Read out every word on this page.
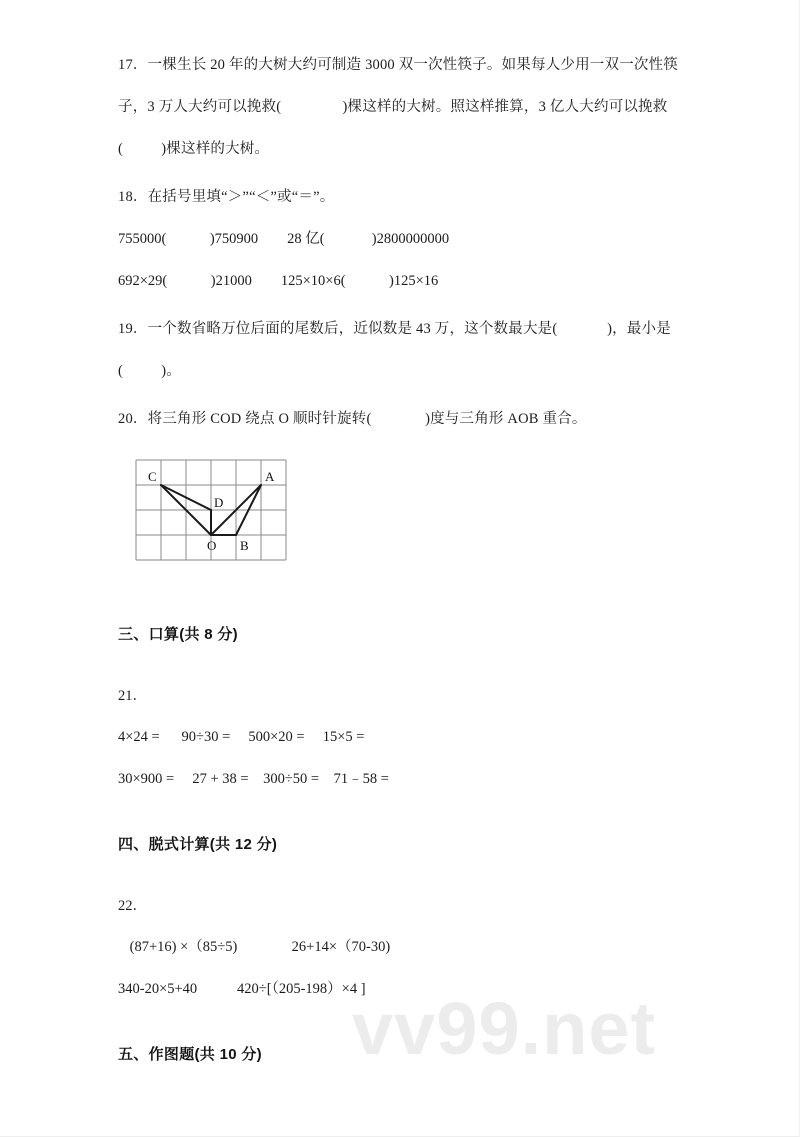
vv99.net
17．一棵生长 20 年的大树大约可制造 3000 双一次性筷子。如果每人少用一双一次性筷
子，3 万人大约可以挽救(                )棵这样的大树。照这样推算，3 亿人大约可以挽救
(          )棵这样的大树。
18．在括号里填“＞”“＜”或“＝”。
755000(            )750900        28 亿(             )2800000000
692×29(            )21000        125×10×6(            )125×16
19．一个数省略万位后面的尾数后，近似数是 43 万，这个数最大是(             )，最小是
(          )。
20．将三角形 COD 绕点 O 顺时针旋转(              )度与三角形 AOB 重合。
C	A
D
O B
三、口算(共 8 分)
21．
4×24 =      90÷30 =     500×20 =     15×5 =
30×900 =     27 + 38 =    300÷50 =    71﹣58 =
四、脱式计算(共 12 分)
22．
(87+16) ×（85÷5)               26+14×（70-30)
340-20×5+40           420÷[（205-198）×4 ]
五、作图题(共 10 分)
